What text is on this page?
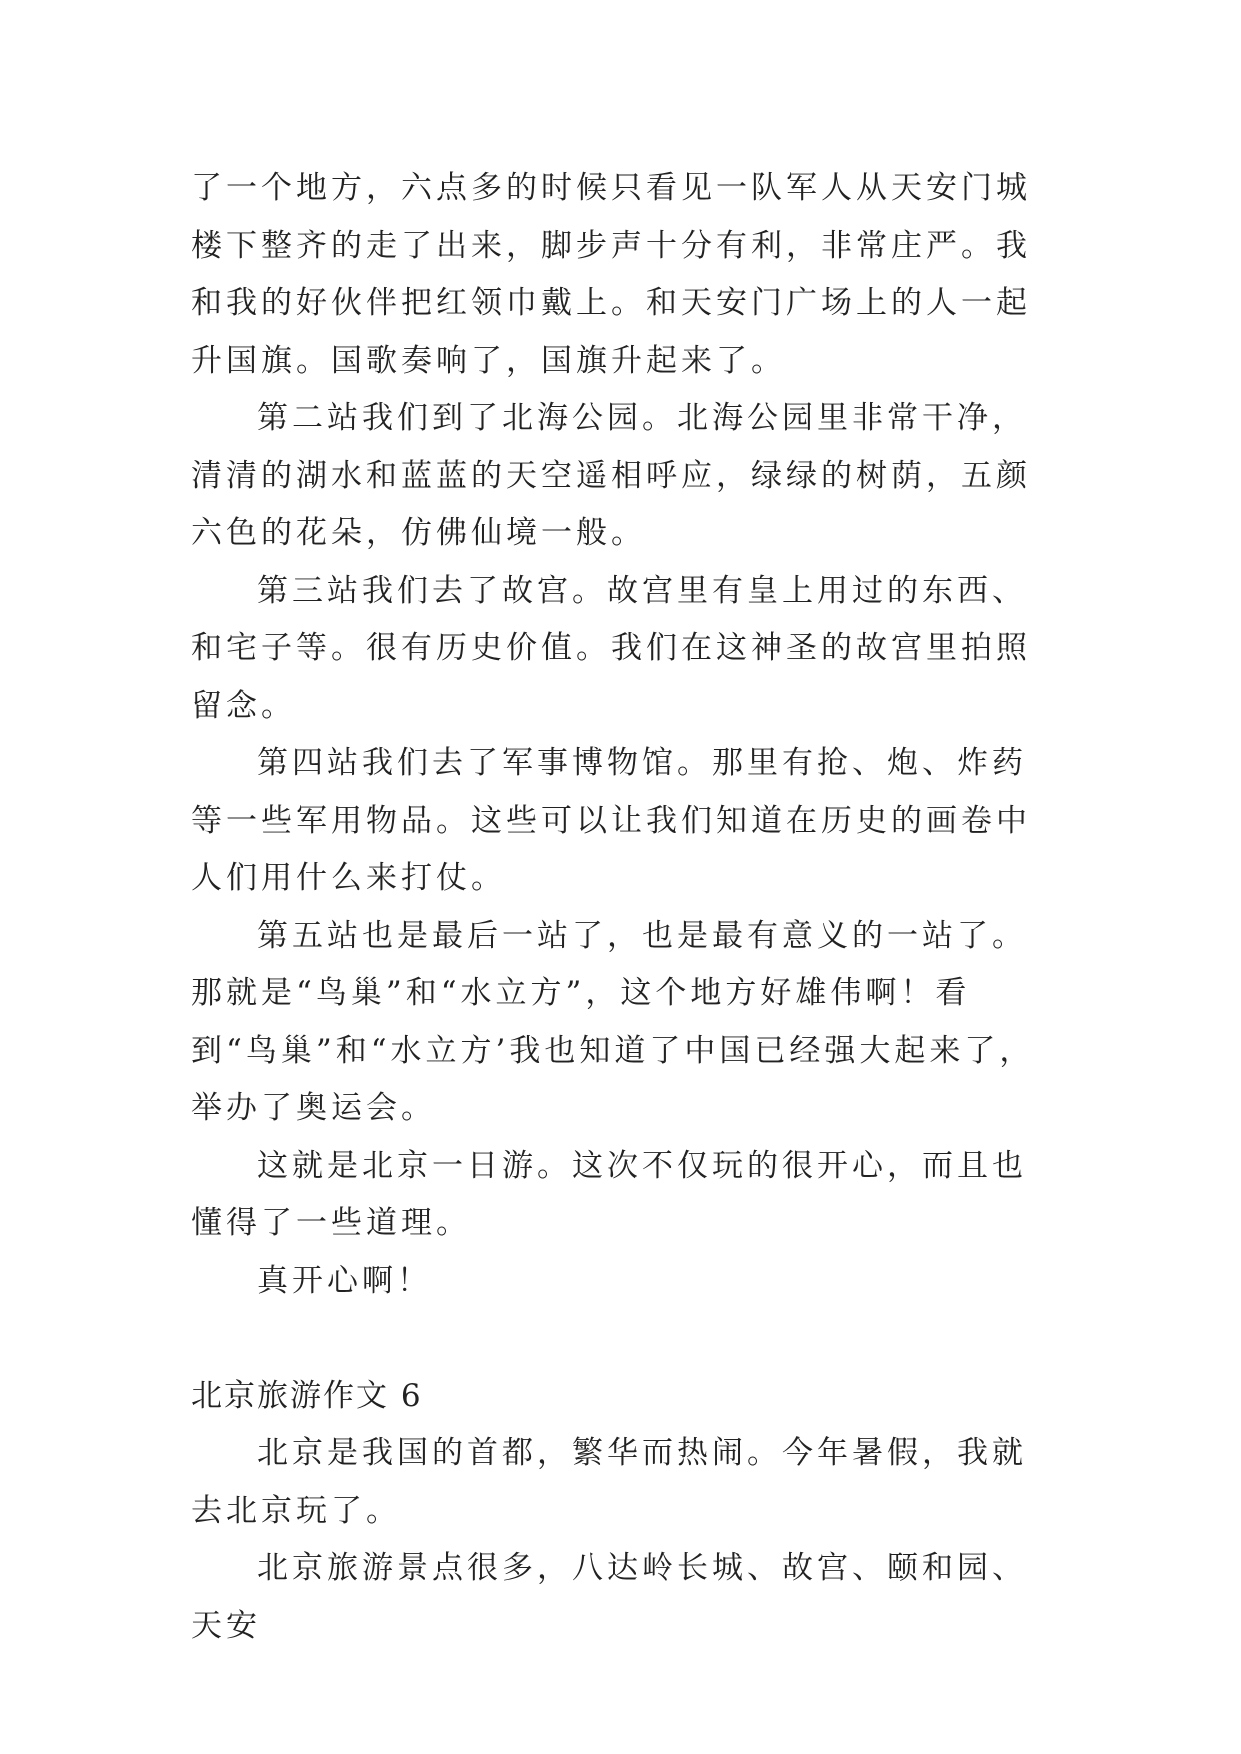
了一个地方，六点多的时候只看见一队军人从天安门城楼下整齐的走了出来，脚步声十分有利，非常庄严。我和我的好伙伴把红领巾戴上。和天安门广场上的人一起升国旗。国歌奏响了，国旗升起来了。

第二站我们到了北海公园。北海公园里非常干净，清清的湖水和蓝蓝的天空遥相呼应，绿绿的树荫，五颜六色的花朵，仿佛仙境一般。

第三站我们去了故宫。故宫里有皇上用过的东西、和宅子等。很有历史价值。我们在这神圣的故宫里拍照留念。

第四站我们去了军事博物馆。那里有抢、炮、炸药等一些军用物品。这些可以让我们知道在历史的画卷中人们用什么来打仗。

第五站也是最后一站了，也是最有意义的一站了。那就是“鸟巢”和“水立方”，这个地方好雄伟啊！看到“鸟巢”和“水立方’我也知道了中国已经强大起来了，举办了奥运会。

这就是北京一日游。这次不仅玩的很开心，而且也懂得了一些道理。

真开心啊！

北京旅游作文 6

北京是我国的首都，繁华而热闹。今年暑假，我就去北京玩了。

北京旅游景点很多，八达岭长城、故宫、颐和园、天安
